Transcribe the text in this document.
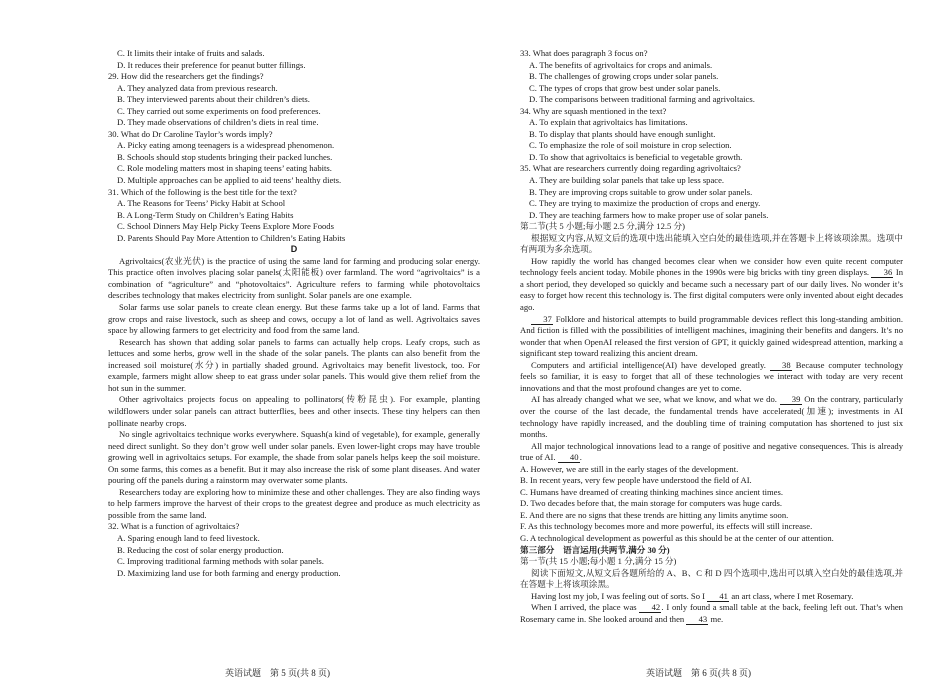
C. It limits their intake of fruits and salads.

D. It reduces their preference for peanut butter fillings.

29. How did the researchers get the findings?

A. They analyzed data from previous research.

B. They interviewed parents about their children’s diets.

C. They carried out some experiments on food preferences.

D. They made observations of children’s diets in real time.

30. What do Dr Caroline Taylor’s words imply?

A. Picky eating among teenagers is a widespread phenomenon.

B. Schools should stop students bringing their packed lunches.

C. Role modeling matters most in shaping teens’ eating habits.

D. Multiple approaches can be applied to aid teens’ healthy diets.

31. Which of the following is the best title for the text?

A. The Reasons for Teens’ Picky Habit at School

B. A Long-Term Study on Children’s Eating Habits

C. School Dinners May Help Picky Teens Explore More Foods

D. Parents Should Pay More Attention to Children’s Eating Habits

D

Agrivoltaics(农业光伏) is the practice of using the same land for farming and producing solar energy. This practice often involves placing solar panels(太阳能板) over farmland. The word “agrivoltaics” is a combination of “agriculture” and “photovoltaics”. Agriculture refers to farming while photovoltaics describes technology that makes electricity from sunlight. Solar panels are one example.

Solar farms use solar panels to create clean energy. But these farms take up a lot of land. Farms that grow crops and raise livestock, such as sheep and cows, occupy a lot of land as well. Agrivoltaics saves space by allowing farmers to get electricity and food from the same land.

Research has shown that adding solar panels to farms can actually help crops. Leafy crops, such as lettuces and some herbs, grow well in the shade of the solar panels. The plants can also benefit from the increased soil moisture(水分) in partially shaded ground. Agrivoltaics may benefit livestock, too. For example, farmers might allow sheep to eat grass under solar panels. This would give them relief from the hot sun in the summer.

Other agrivoltaics projects focus on appealing to pollinators(传粉昆虫). For example, planting wildflowers under solar panels can attract butterflies, bees and other insects. These tiny helpers can then pollinate nearby crops.

No single agrivoltaics technique works everywhere. Squash(a kind of vegetable), for example, generally need direct sunlight. So they don’t grow well under solar panels. Even lower-light crops may have trouble growing well in agrivoltaics setups. For example, the shade from solar panels helps keep the soil moisture. On some farms, this comes as a benefit. But it may also increase the risk of some plant diseases. And water pouring off the panels during a rainstorm may overwater some plants.

Researchers today are exploring how to minimize these and other challenges. They are also finding ways to help farmers improve the harvest of their crops to the greatest degree and produce as much electricity as possible from the same land.

32. What is a function of agrivoltaics?

A. Sparing enough land to feed livestock.

B. Reducing the cost of solar energy production.

C. Improving traditional farming methods with solar panels.

D. Maximizing land use for both farming and energy production.

33. What does paragraph 3 focus on?

A. The benefits of agrivoltaics for crops and animals.

B. The challenges of growing crops under solar panels.

C. The types of crops that grow best under solar panels.

D. The comparisons between traditional farming and agrivoltaics.

34. Why are squash mentioned in the text?

A. To explain that agrivoltaics has limitations.

B. To display that plants should have enough sunlight.

C. To emphasize the role of soil moisture in crop selection.

D. To show that agrivoltaics is beneficial to vegetable growth.

35. What are researchers currently doing regarding agrivoltaics?

A. They are building solar panels that take up less space.

B. They are improving crops suitable to grow under solar panels.

C. They are trying to maximize the production of crops and energy.

D. They are teaching farmers how to make proper use of solar panels.

第二节(共 5 小题;每小题 2.5 分,满分 12.5 分)

根据短文内容,从短文后的选项中选出能填入空白处的最佳选项,并在答题卡上将该项涂黑。选项中有两项为多余选项。

How rapidly the world has changed becomes clear when we consider how even quite recent computer technology feels ancient today. Mobile phones in the 1990s were big bricks with tiny green displays. 36 In a short period, they developed so quickly and became such a necessary part of our daily lives. No wonder it’s easy to forget how recent this technology is. The first digital computers were only invented about eight decades ago.

37 Folklore and historical attempts to build programmable devices reflect this long-standing ambition. And fiction is filled with the possibilities of intelligent machines, imagining their benefits and dangers. It’s no wonder that when OpenAI released the first version of GPT, it quickly gained widespread attention, marking a significant step toward realizing this ancient dream.

Computers and artificial intelligence(AI) have developed greatly. 38 Because computer technology feels so familiar, it is easy to forget that all of these technologies we interact with today are very recent innovations and that the most profound changes are yet to come.

AI has already changed what we see, what we know, and what we do. 39 On the contrary, particularly over the course of the last decade, the fundamental trends have accelerated(加速); investments in AI technology have rapidly increased, and the doubling time of training computation has shortened to just six months.

All major technological innovations lead to a range of positive and negative consequences. This is already true of AI. 40.

A. However, we are still in the early stages of the development.

B. In recent years, very few people have understood the field of AI.

C. Humans have dreamed of creating thinking machines since ancient times.

D. Two decades before that, the main storage for computers was huge cards.

E. And there are no signs that these trends are hitting any limits anytime soon.

F. As this technology becomes more and more powerful, its effects will still increase.

G. A technological development as powerful as this should be at the center of our attention.

第三部分　语言运用(共两节,满分 30 分)

第一节(共 15 小题;每小题 1 分,满分 15 分)

阅读下面短文,从短文后各题所给的 A、B、C 和 D 四个选项中,选出可以填入空白处的最佳选项,并在答题卡上将该项涂黑。

Having lost my job, I was feeling out of sorts. So I 41 an art class, where I met Rosemary.

When I arrived, the place was 42. I only found a small table at the back, feeling left out. That’s when Rosemary came in. She looked around and then 43 me.

英语试题　第 5 页(共 8 页)	英语试题　第 6 页(共 8 页)
